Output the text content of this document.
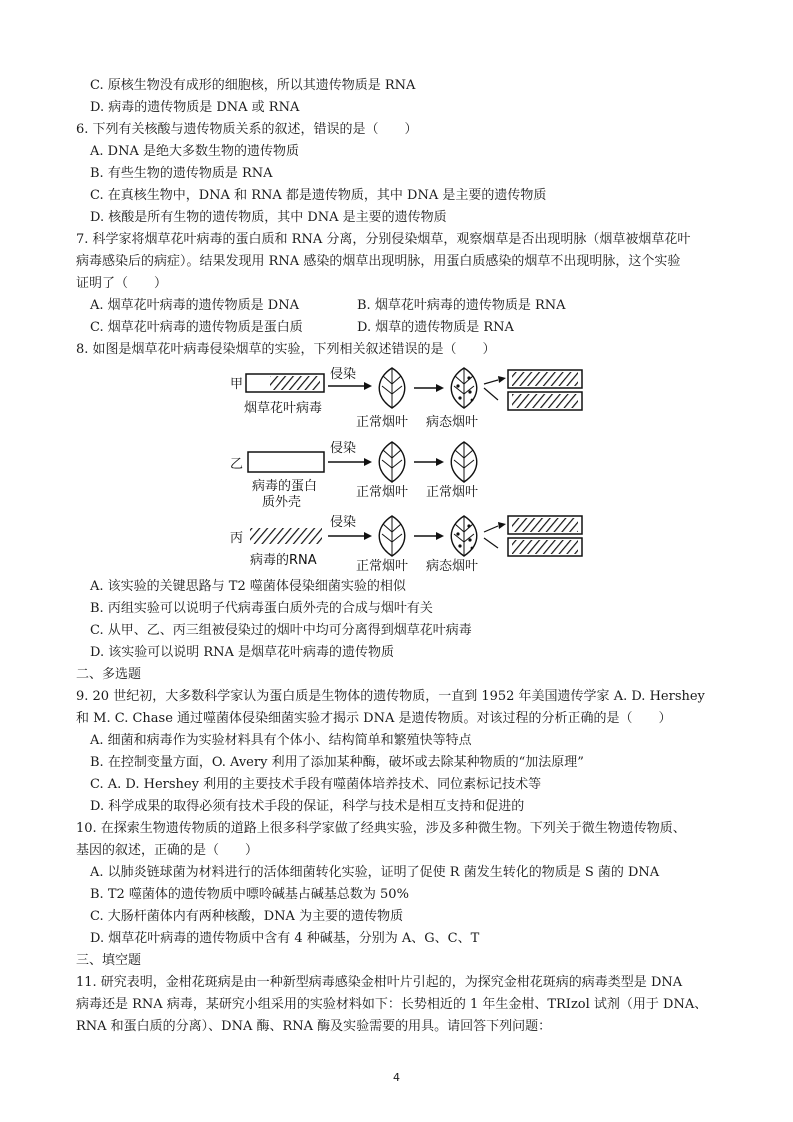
C. 原核生物没有成形的细胞核，所以其遗传物质是 RNA
D. 病毒的遗传物质是 DNA 或 RNA
6. 下列有关核酸与遗传物质关系的叙述，错误的是（　　）
A. DNA 是绝大多数生物的遗传物质
B. 有些生物的遗传物质是 RNA
C. 在真核生物中，DNA 和 RNA 都是遗传物质，其中 DNA 是主要的遗传物质
D. 核酸是所有生物的遗传物质，其中 DNA 是主要的遗传物质
7. 科学家将烟草花叶病毒的蛋白质和 RNA 分离，分别侵染烟草，观察烟草是否出现明脉（烟草被烟草花叶
病毒感染后的病症）。结果发现用 RNA 感染的烟草出现明脉，用蛋白质感染的烟草不出现明脉，这个实验
证明了（　　）
A. 烟草花叶病毒的遗传物质是 DNA	B. 烟草花叶病毒的遗传物质是 RNA
C. 烟草花叶病毒的遗传物质是蛋白质	D. 烟草的遗传物质是 RNA
8. 如图是烟草花叶病毒侵染烟草的实验，下列相关叙述错误的是（　　）
甲
烟草花叶病毒
侵染
正常烟叶 病态烟叶
乙
病毒的蛋白
质外壳
侵染
正常烟叶 正常烟叶
丙
病毒的RNA
侵染
正常烟叶 病态烟叶
A. 该实验的关键思路与 T2 噬菌体侵染细菌实验的相似
B. 丙组实验可以说明子代病毒蛋白质外壳的合成与烟叶有关
C. 从甲、乙、丙三组被侵染过的烟叶中均可分离得到烟草花叶病毒
D. 该实验可以说明 RNA 是烟草花叶病毒的遗传物质
二、多选题
9. 20 世纪初，大多数科学家认为蛋白质是生物体的遗传物质，一直到 1952 年美国遗传学家 A. D. Hershey
和 M. C. Chase 通过噬菌体侵染细菌实验才揭示 DNA 是遗传物质。对该过程的分析正确的是（　　）
A. 细菌和病毒作为实验材料具有个体小、结构简单和繁殖快等特点
B. 在控制变量方面，O. Avery 利用了添加某种酶，破坏或去除某种物质的“加法原理”
C. A. D. Hershey 利用的主要技术手段有噬菌体培养技术、同位素标记技术等
D. 科学成果的取得必须有技术手段的保证，科学与技术是相互支持和促进的
10. 在探索生物遗传物质的道路上很多科学家做了经典实验，涉及多种微生物。下列关于微生物遗传物质、
基因的叙述，正确的是（　　）
A. 以肺炎链球菌为材料进行的活体细菌转化实验，证明了促使 R 菌发生转化的物质是 S 菌的 DNA
B. T2 噬菌体的遗传物质中嘌呤碱基占碱基总数为 50%
C. 大肠杆菌体内有两种核酸，DNA 为主要的遗传物质
D. 烟草花叶病毒的遗传物质中含有 4 种碱基，分别为 A、G、C、T
三、填空题
11. 研究表明，金柑花斑病是由一种新型病毒感染金柑叶片引起的，为探究金柑花斑病的病毒类型是 DNA
病毒还是 RNA 病毒，某研究小组采用的实验材料如下：长势相近的 1 年生金柑、TRIzol 试剂（用于 DNA、
RNA 和蛋白质的分离）、DNA 酶、RNA 酶及实验需要的用具。请回答下列问题：
4
